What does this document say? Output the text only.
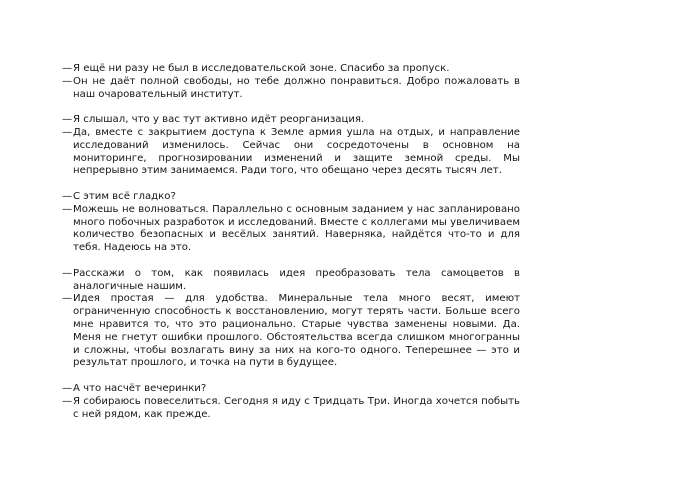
— Я ещё ни разу не был в исследовательской зоне. Спасибо за пропуск.
— Он не даёт полной свободы, но тебе должно понравиться. Добро пожаловать в наш очаровательный институт.
— Я слышал, что у вас тут активно идёт реорганизация.
— Да, вместе с закрытием доступа к Земле армия ушла на отдых, и направление исследований изменилось. Сейчас они сосредоточены в основном на мониторинге, прогнозировании изменений и защите земной среды. Мы непрерывно этим занимаемся. Ради того, что обещано через десять тысяч лет.
— С этим всё гладко?
— Можешь не волноваться. Параллельно с основным заданием у нас запланировано много побочных разработок и исследований. Вместе с коллегами мы увеличиваем количество безопасных и весёлых занятий. Наверняка, найдётся что-то и для тебя. Надеюсь на это.
— Расскажи о том, как появилась идея преобразовать тела самоцветов в аналогичные нашим.
— Идея простая — для удобства. Минеральные тела много весят, имеют ограниченную способность к восстановлению, могут терять части. Больше всего мне нравится то, что это рационально. Старые чувства заменены новыми. Да. Меня не гнетут ошибки прошлого. Обстоятельства всегда слишком многогранны и сложны, чтобы возлагать вину за них на кого-то одного. Теперешнее — это и результат прошлого, и точка на пути в будущее.
— А что насчёт вечеринки?
— Я собираюсь повеселиться. Сегодня я иду с Тридцать Три. Иногда хочется побыть с ней рядом, как прежде.
